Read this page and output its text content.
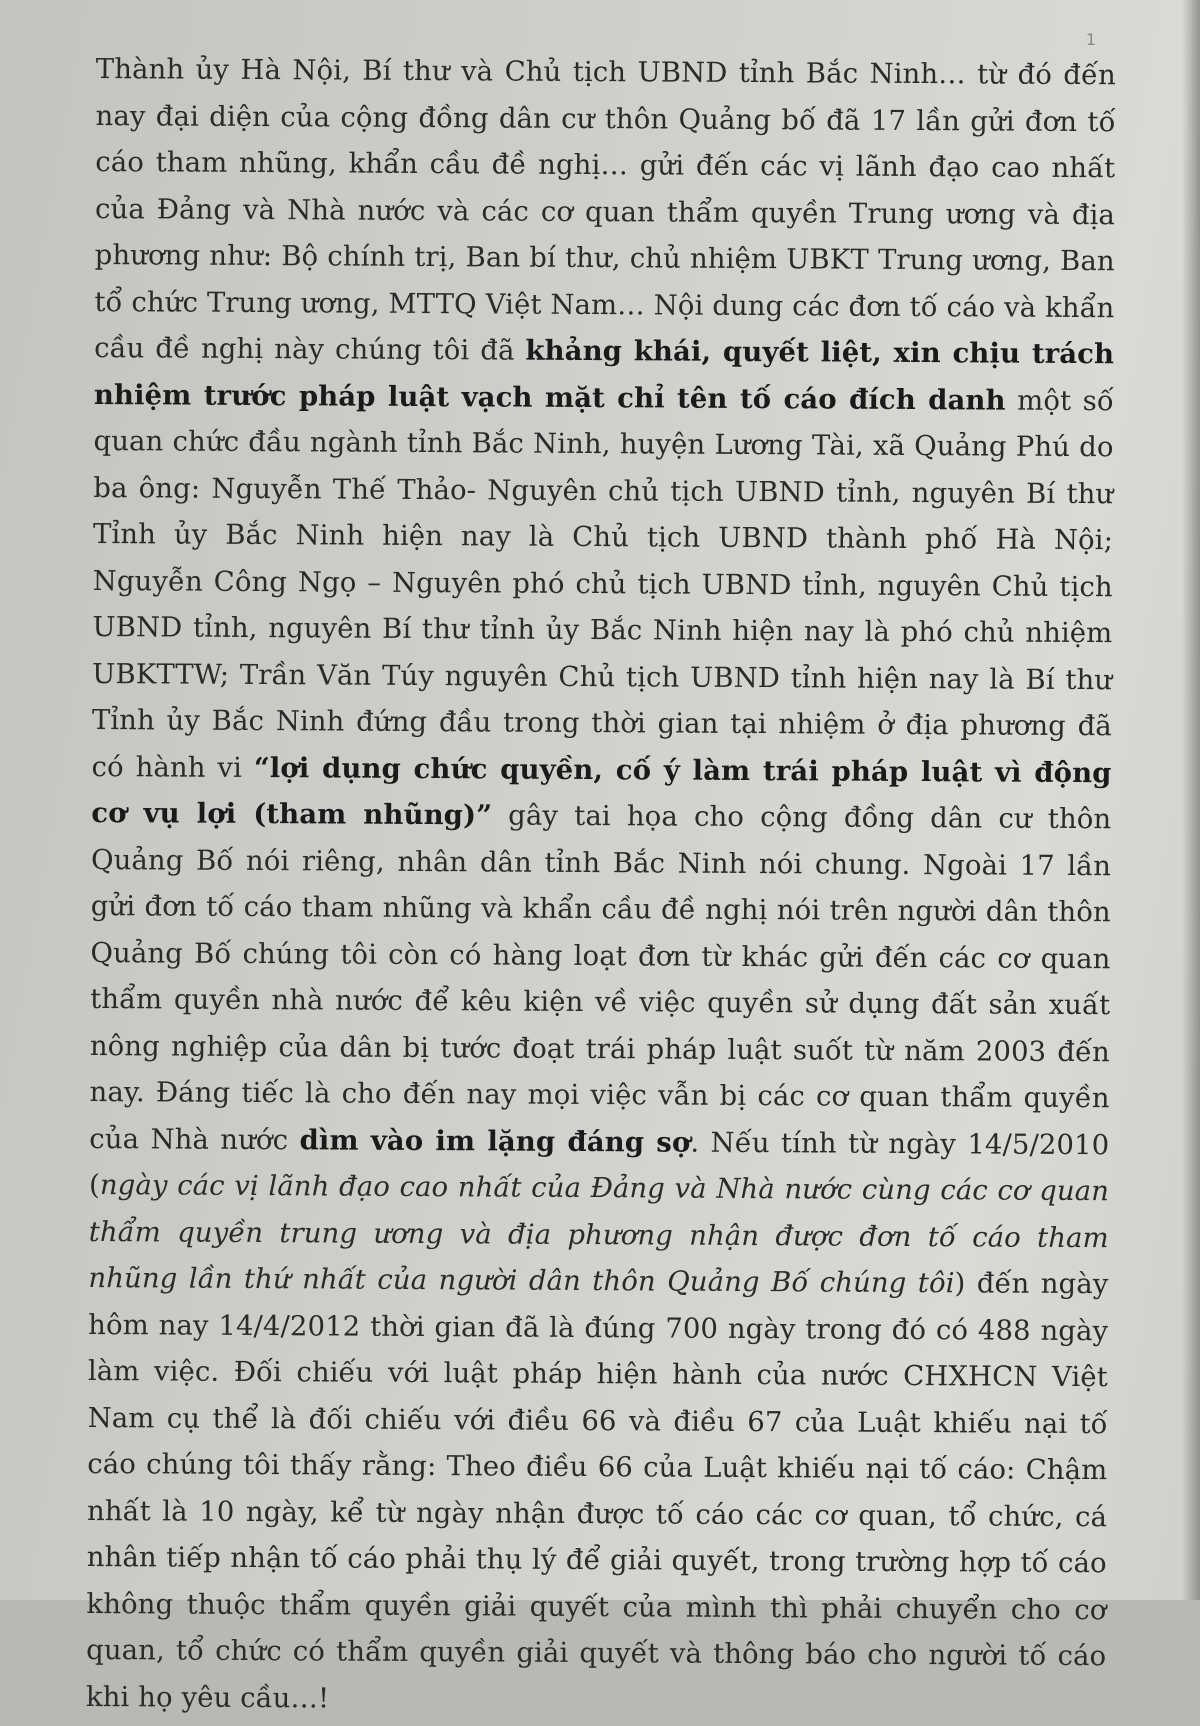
1

Thành ủy Hà Nội, Bí thư và Chủ tịch UBND tỉnh Bắc Ninh… từ đó đến nay đại diện của cộng đồng dân cư thôn Quảng bố đã 17 lần gửi đơn tố cáo tham nhũng, khẩn cầu đề nghị… gửi đến các vị lãnh đạo cao nhất của Đảng và Nhà nước và các cơ quan thẩm quyền Trung ương và địa phương như: Bộ chính trị, Ban bí thư, chủ nhiệm UBKT Trung ương, Ban tổ chức Trung ương, MTTQ Việt Nam… Nội dung các đơn tố cáo và khẩn cầu đề nghị này chúng tôi đã khảng khái, quyết liệt, xin chịu trách nhiệm trước pháp luật vạch mặt chỉ tên tố cáo đích danh một số quan chức đầu ngành tỉnh Bắc Ninh, huyện Lương Tài, xã Quảng Phú do ba ông: Nguyễn Thế Thảo- Nguyên chủ tịch UBND tỉnh, nguyên Bí thư Tỉnh ủy Bắc Ninh hiện nay là Chủ tịch UBND thành phố Hà Nội; Nguyễn Công Ngọ – Nguyên phó chủ tịch UBND tỉnh, nguyên Chủ tịch UBND tỉnh, nguyên Bí thư tỉnh ủy Bắc Ninh hiện nay là phó chủ nhiệm UBKTTW; Trần Văn Túy nguyên Chủ tịch UBND tỉnh hiện nay là Bí thư Tỉnh ủy Bắc Ninh đứng đầu trong thời gian tại nhiệm ở địa phương đã có hành vi “lợi dụng chức quyền, cố ý làm trái pháp luật vì động cơ vụ lợi (tham nhũng)” gây tai họa cho cộng đồng dân cư thôn Quảng Bố nói riêng, nhân dân tỉnh Bắc Ninh nói chung. Ngoài 17 lần gửi đơn tố cáo tham nhũng và khẩn cầu đề nghị nói trên người dân thôn Quảng Bố chúng tôi còn có hàng loạt đơn từ khác gửi đến các cơ quan thẩm quyền nhà nước để kêu kiện về việc quyền sử dụng đất sản xuất nông nghiệp của dân bị tước đoạt trái pháp luật suốt từ năm 2003 đến nay. Đáng tiếc là cho đến nay mọi việc vẫn bị các cơ quan thẩm quyền của Nhà nước dìm vào im lặng đáng sợ. Nếu tính từ ngày 14/5/2010 (ngày các vị lãnh đạo cao nhất của Đảng và Nhà nước cùng các cơ quan thẩm quyền trung ương và địa phương nhận được đơn tố cáo tham nhũng lần thứ nhất của người dân thôn Quảng Bố chúng tôi) đến ngày hôm nay 14/4/2012 thời gian đã là đúng 700 ngày trong đó có 488 ngày làm việc. Đối chiếu với luật pháp hiện hành của nước CHXHCN Việt Nam cụ thể là đối chiếu với điều 66 và điều 67 của Luật khiếu nại tố cáo chúng tôi thấy rằng: Theo điều 66 của Luật khiếu nại tố cáo: Chậm nhất là 10 ngày, kể từ ngày nhận được tố cáo các cơ quan, tổ chức, cá nhân tiếp nhận tố cáo phải thụ lý để giải quyết, trong trường hợp tố cáo không thuộc thẩm quyền giải quyết của mình thì phải chuyển cho cơ quan, tổ chức có thẩm quyền giải quyết và thông báo cho người tố cáo khi họ yêu cầu…!
